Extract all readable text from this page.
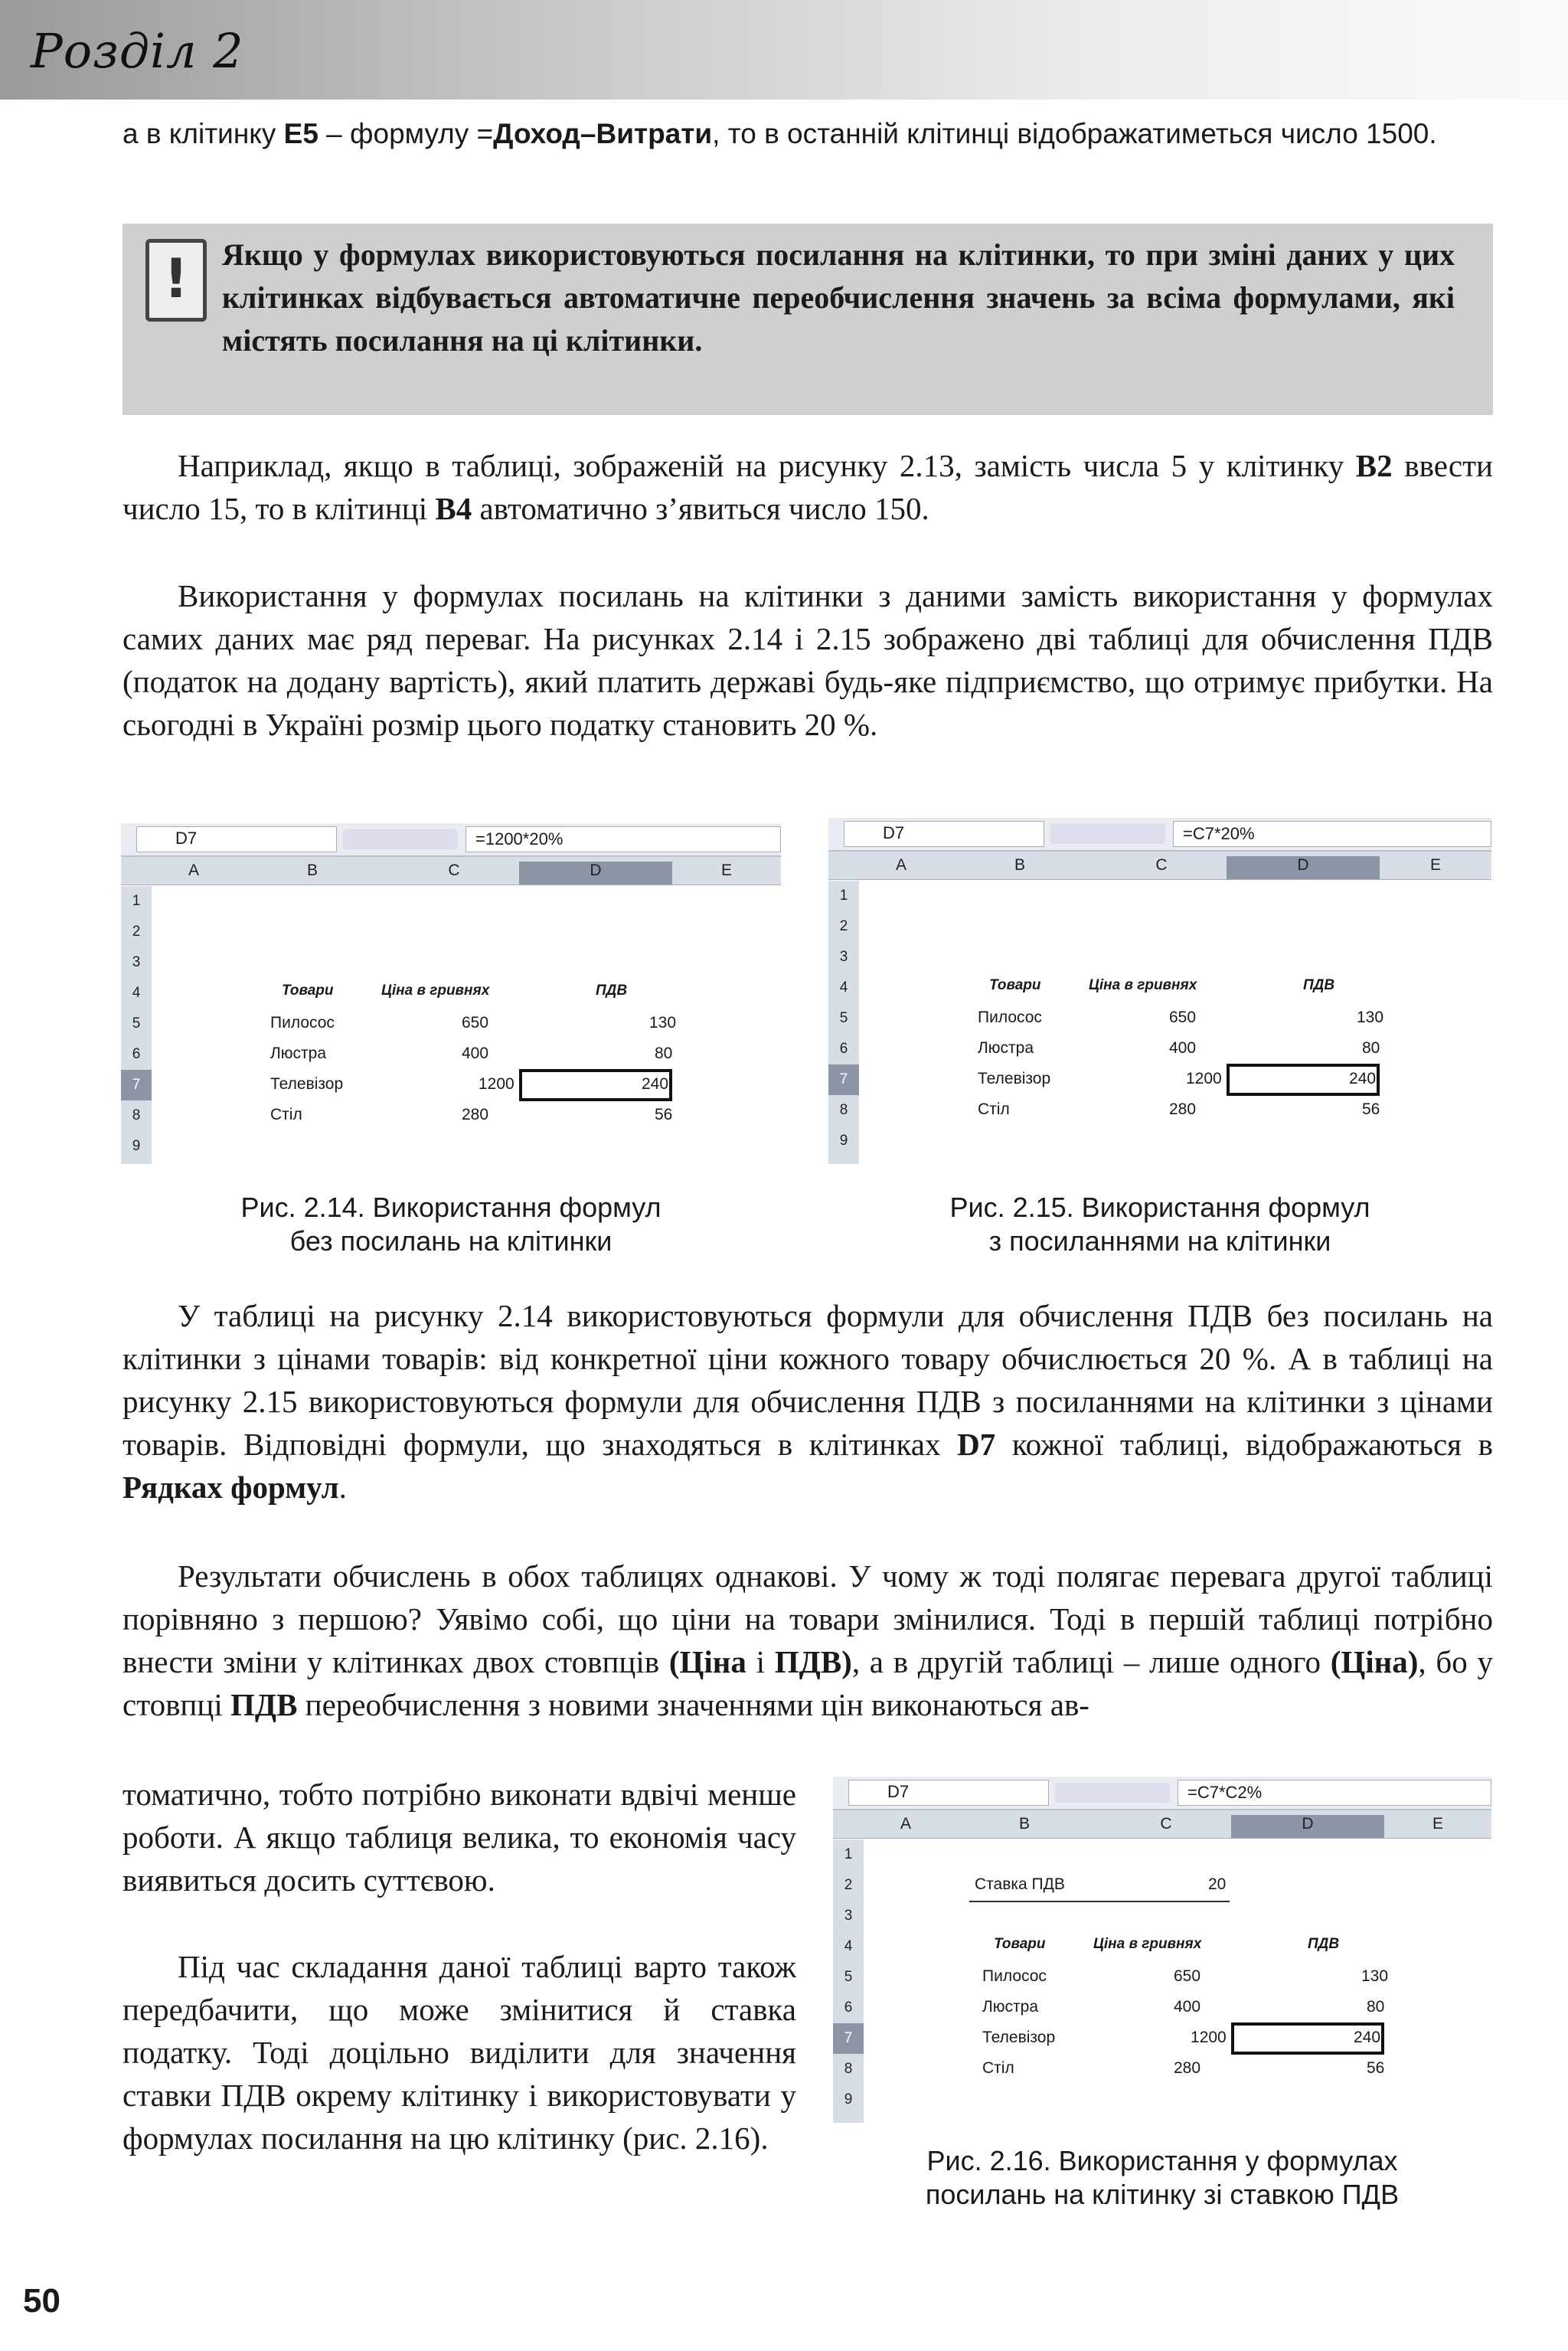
Розділ 2

а в клітинку Е5 – формулу =Доход–Витрати, то в останній клітинці відображатиметься число 1500.

!	Якщо у формулах використовуються посилання на клітинки, то при зміні даних у цих клітинках відбувається автоматичне переобчислення значень за всіма формулами, які містять посилання на ці клітинки.

Наприклад, якщо в таблиці, зображеній на рисунку 2.13, замість числа 5 у клітинку В2 ввести число 15, то в клітинці В4 автоматично з’явиться число 150.

Використання у формулах посилань на клітинки з даними замість використання у формулах самих даних має ряд переваг. На рисунках 2.14 і 2.15 зображено дві таблиці для обчислення ПДВ (податок на додану вартість), який платить державі будь-яке підприємство, що отримує прибутки. На сьогодні в Україні розмір цього податку становить 20 %.

D7	=1200*20%
A	B	C	D	E
1
2
3
4
5
6
7
8
9
Товари	Ціна в гривнях	ПДВ
Пилосос	650	130
Люстра	400	80
Телевізор	1200	240
Стіл	280	56
Рис. 2.14. Використання формул
без посилань на клітинки
D7	=C7*20%
A	B	C	D	E
1
2
3
4
5
6
7
8
9
Товари	Ціна в гривнях	ПДВ
Пилосос	650	130
Люстра	400	80
Телевізор	1200	240
Стіл	280	56
Рис. 2.15. Використання формул
з посиланнями на клітинки

У таблиці на рисунку 2.14 використовуються формули для обчислення ПДВ без посилань на клітинки з цінами товарів: від конкретної ціни кожного товару обчислюється 20 %. А в таблиці на рисунку 2.15 використовуються формули для обчислення ПДВ з посиланнями на клітинки з цінами товарів. Відповідні формули, що знаходяться в клітинках D7 кожної таблиці, відображаються в Рядках формул.

Результати обчислень в обох таблицях однакові. У чому ж тоді полягає перевага другої таблиці порівняно з першою? Уявімо собі, що ціни на товари змінилися. Тоді в першій таблиці потрібно внести зміни у клітинках двох стовпців (Ціна і ПДВ), а в другій таблиці – лише одного (Ціна), бо у стовпці ПДВ переобчислення з новими значеннями цін виконаються ав-

томатично, тобто потрібно виконати вдвічі менше роботи. А якщо таблиця велика, то економія часу виявиться досить суттєвою.

Під час складання даної таблиці варто також передбачити, що може змінитися й ставка податку. Тоді доцільно виділити для значення ставки ПДВ окрему клітинку і використовувати у формулах посилання на цю клітинку (рис. 2.16).

D7	=C7*C2%
A	B	C	D	E
1
2
3
4
5
6
7
8
9
Ставка ПДВ	20
Товари	Ціна в гривнях	ПДВ
Пилосос	650	130
Люстра	400	80
Телевізор	1200	240
Стіл	280	56
Рис. 2.16. Використання у формулах
посилань на клітинку зі ставкою ПДВ
50
